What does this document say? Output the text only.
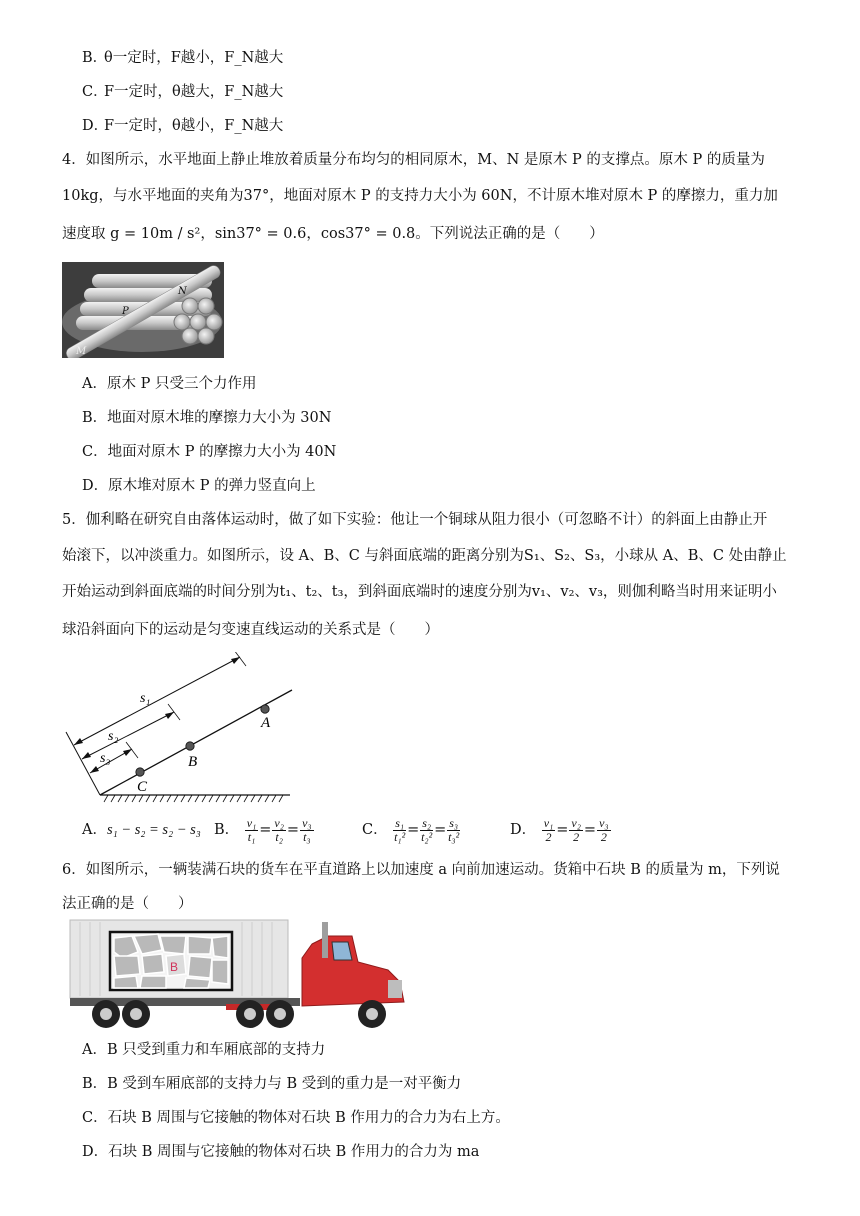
B．
θ一定时，F越小，F_N越大
C．
F一定时，θ越大，F_N越大
D．
F一定时，θ越小，F_N越大
4．如图所示，水平地面上静止堆放着质量分布均匀的相同原木，M、N 是原木 P 的支撑点。原木 P 的质量为
10kg，与水平地面的夹角为37°，地面对原木 P 的支持力大小为 60N，不计原木堆对原木 P 的摩擦力，重力加
速度取 g = 10m / s²，sin37° = 0.6，cos37° = 0.8。下列说法正确的是（　　）
N
P
M
A．原木 P 只受三个力作用
B．地面对原木堆的摩擦力大小为 30N
C．地面对原木 P 的摩擦力大小为 40N
D．原木堆对原木 P 的弹力竖直向上
5．伽利略在研究自由落体运动时，做了如下实验：他让一个铜球从阻力很小（可忽略不计）的斜面上由静止开
始滚下，以冲淡重力。如图所示，设 A、B、C 与斜面底端的距离分别为S₁、S₂、S₃，小球从 A、B、C 处由静止
开始运动到斜面底端的时间分别为t₁、t₂、t₃，到斜面底端时的速度分别为v₁、v₂、v₃，则伽利略当时用来证明小
球沿斜面向下的运动是匀变速直线运动的关系式是（　　）
s₁
s₂
s₃
A
B
C
A．s₁ − s₂ = s₂ − s₃ B． $\frac{\text{v₁}}{\text{t₁}} = \frac{\text{v₂}}{\text{t₂}} = \frac{\text{v₃}}{\text{t₃}}$	C． $\frac{\text{s₁}}{\text{t₁²}} = \frac{\text{s₂}}{\text{t₂²}} = \frac{\text{s₃}}{\text{t₃²}}$	D． $\frac{\text{v₁}}{2} = \frac{\text{v₂}}{2} = \frac{\text{v₃}}{2}$
6．如图所示，一辆装满石块的货车在平直道路上以加速度 a 向前加速运动。货箱中石块 B 的质量为 m，下列说
法正确的是（　　）
B
A．B 只受到重力和车厢底部的支持力
B．B 受到车厢底部的支持力与 B 受到的重力是一对平衡力
C．石块 B 周围与它接触的物体对石块 B 作用力的合力为右上方。
D．石块 B 周围与它接触的物体对石块 B 作用力的合力为 ma
